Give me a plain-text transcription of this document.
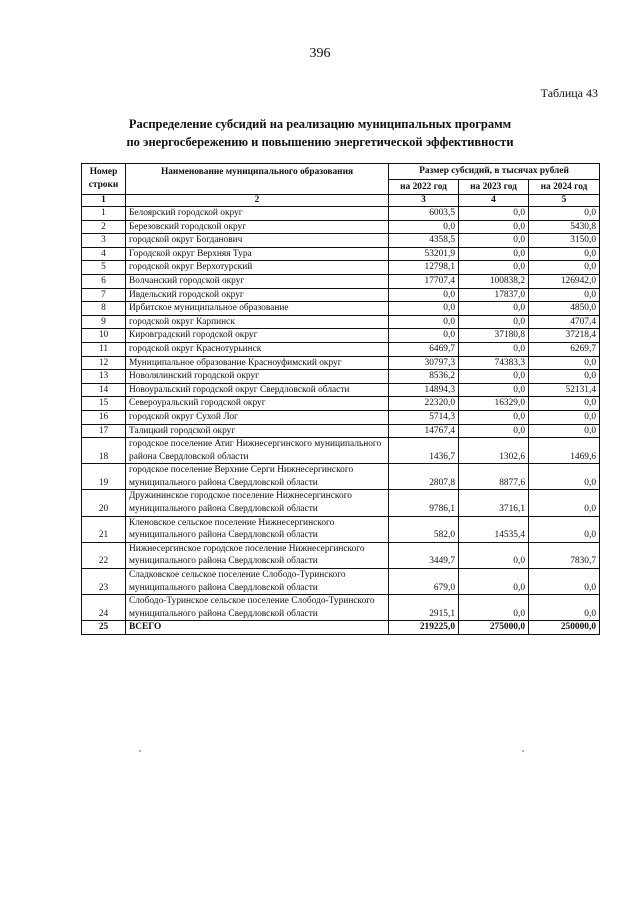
396
Таблица 43
Распределение субсидий на реализацию муниципальных программ
по энергосбережению и повышению энергетической эффективности
Номер строки	Наименование муниципального образования	Размер субсидий, в тысячах рублей		
		на 2022 год	на 2023 год	на 2024 год
1	2	3	4	5
1	Белоярский городской округ	6003,5	0,0	0,0
2	Березовский городской округ	0,0	0,0	5430,8
3	городской округ Богданович	4358,5	0,0	3150,0
4	Городской округ Верхняя Тура	53201,9	0,0	0,0
5	городской округ Верхотурский	12798,1	0,0	0,0
6	Волчанский городской округ	17707,4	100838,2	126942,0
7	Ивдельский городской округ	0,0	17837,0	0,0
8	Ирбитское муниципальное образование	0,0	0,0	4850,0
9	городской округ Карпинск	0,0	0,0	4707,4
10	Кировградский городской округ	0,0	37180,8	37218,4
11	городской округ Краснотурьинск	6469,7	0,0	6269,7
12	Муниципальное образование Красноуфимский округ	30797,3	74383,3	0,0
13	Новолялинский городской округ	8536,2	0,0	0,0
14	Новоуральский городской округ Свердловской области	14894,3	0,0	52131,4
15	Североуральский городской округ	22320,0	16329,0	0,0
16	городской округ Сухой Лог	5714,3	0,0	0,0
17	Талицкий городской округ	14767,4	0,0	0,0
18	городское поселение Атиг Нижнесергинского муниципального района Свердловской области	1436,7	1302,6	1469,6
19	городское поселение Верхние Серги Нижнесергинского муниципального района Свердловской области	2807,8	8877,6	0,0
20	Дружининское городское поселение Нижнесергинского муниципального района Свердловской области	9786,1	3716,1	0,0
21	Кленовское сельское поселение Нижнесергинского муниципального района Свердловской области	582,0	14535,4	0,0
22	Нижнесергинское городское поселение Нижнесергинского муниципального района Свердловской области	3449,7	0,0	7830,7
23	Сладковское сельское поселение Слободо-Туринского муниципального района Свердловской области	679,0	0,0	0,0
24	Слободо-Туринское сельское поселение Слободо-Туринского муниципального района Свердловской области	2915,1	0,0	0,0
25	ВСЕГО	219225,0	275000,0	250000,0
